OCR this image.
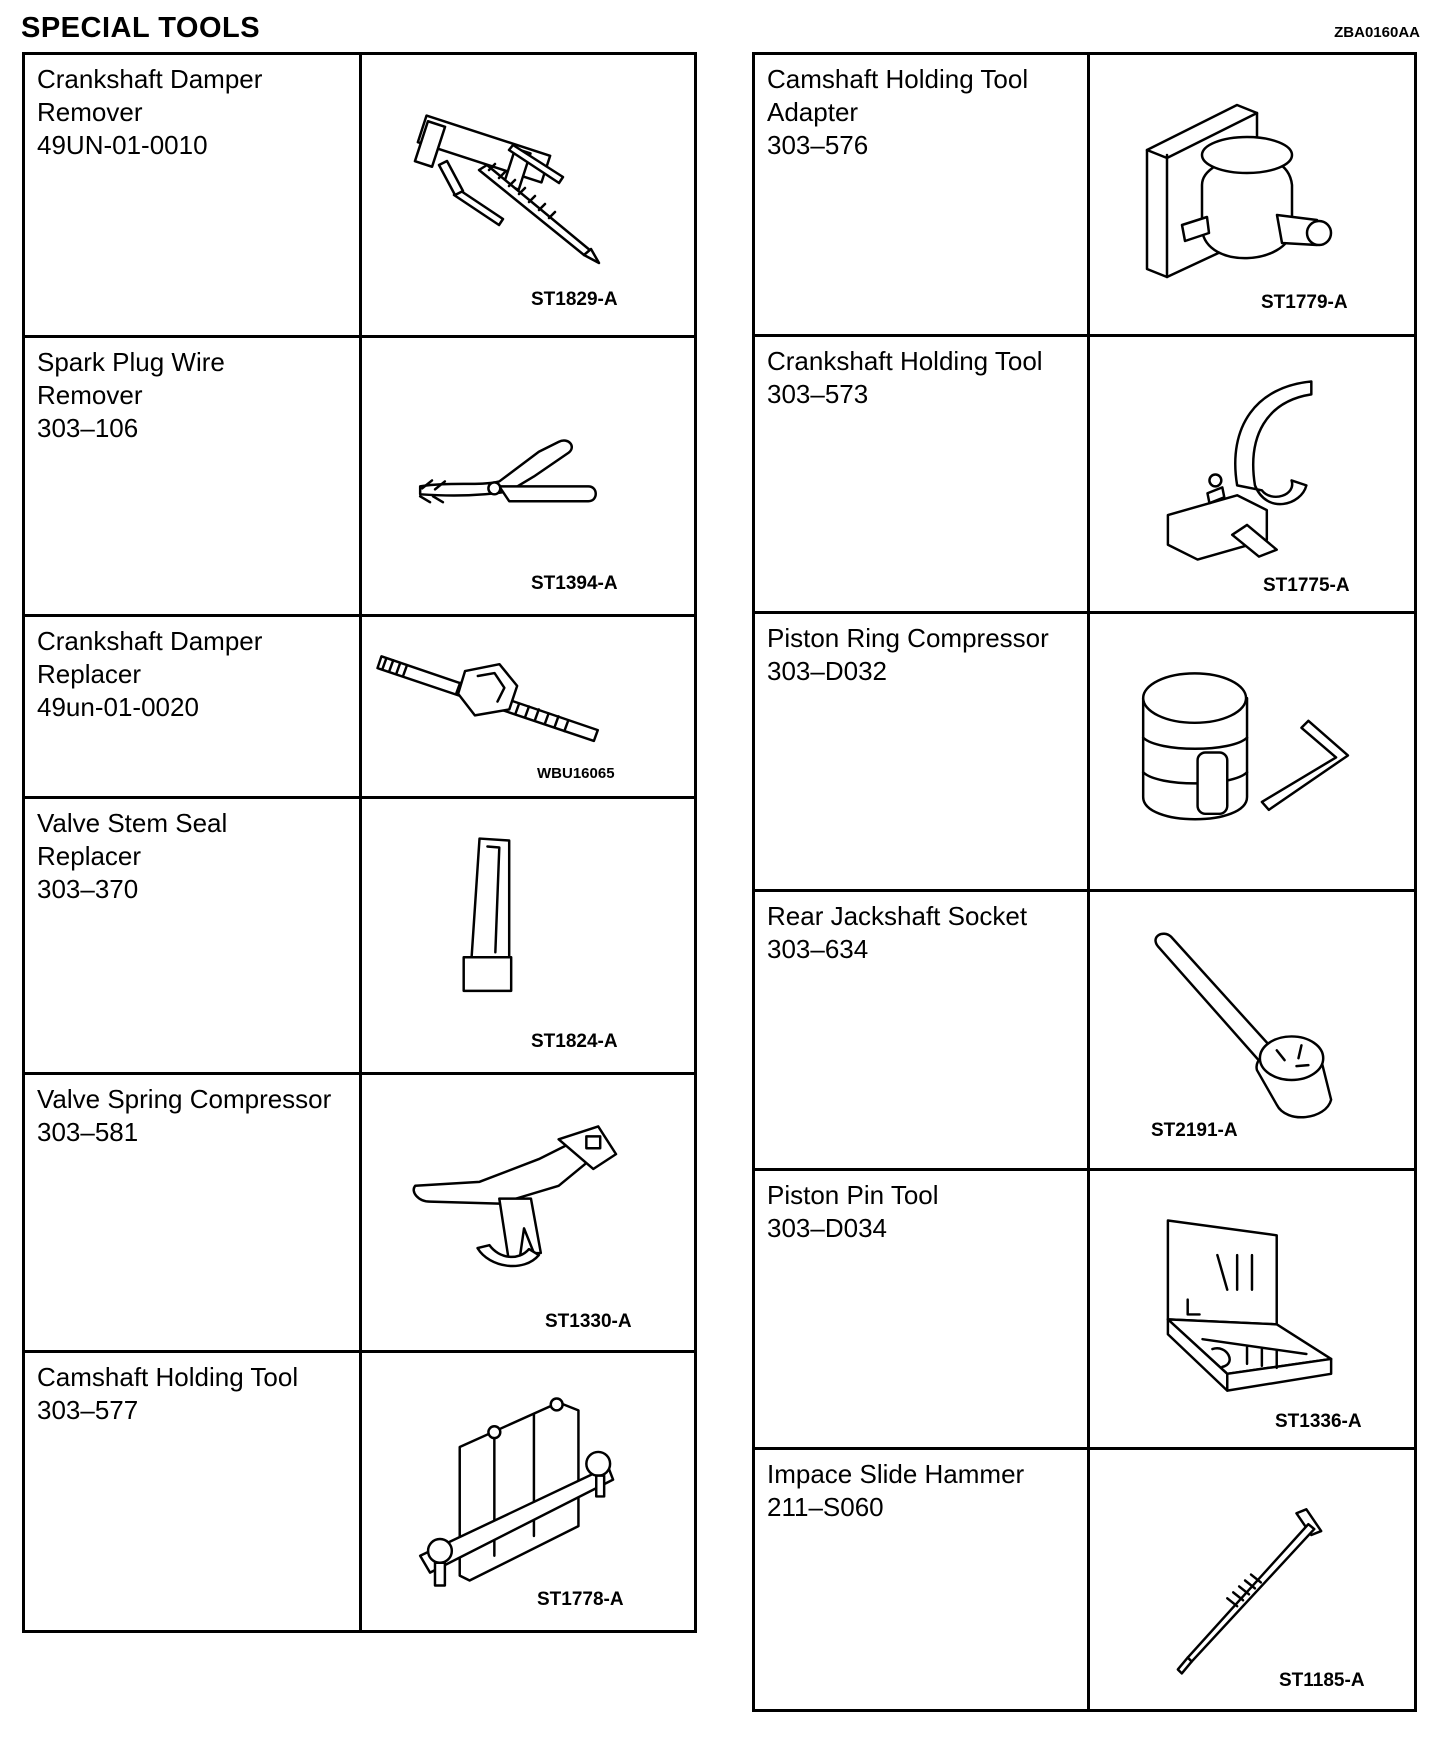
SPECIAL TOOLS	ZBA0160AA
Crankshaft Damper
Remover
49UN-01-0010
ST1829-A
Spark Plug Wire
Remover
303–106
ST1394-A
Crankshaft Damper
Replacer
49un-01-0020
WBU16065
Valve Stem Seal
Replacer
303–370
ST1824-A
Valve Spring Compressor
303–581
ST1330-A
Camshaft Holding Tool
303–577
ST1778-A
Camshaft Holding Tool
Adapter
303–576
ST1779-A
Crankshaft Holding Tool
303–573
ST1775-A
Piston Ring Compressor
303–D032
Rear Jackshaft Socket
303–634
ST2191-A
Piston Pin Tool
303–D034
ST1336-A
Impace Slide Hammer
211–S060
ST1185-A
